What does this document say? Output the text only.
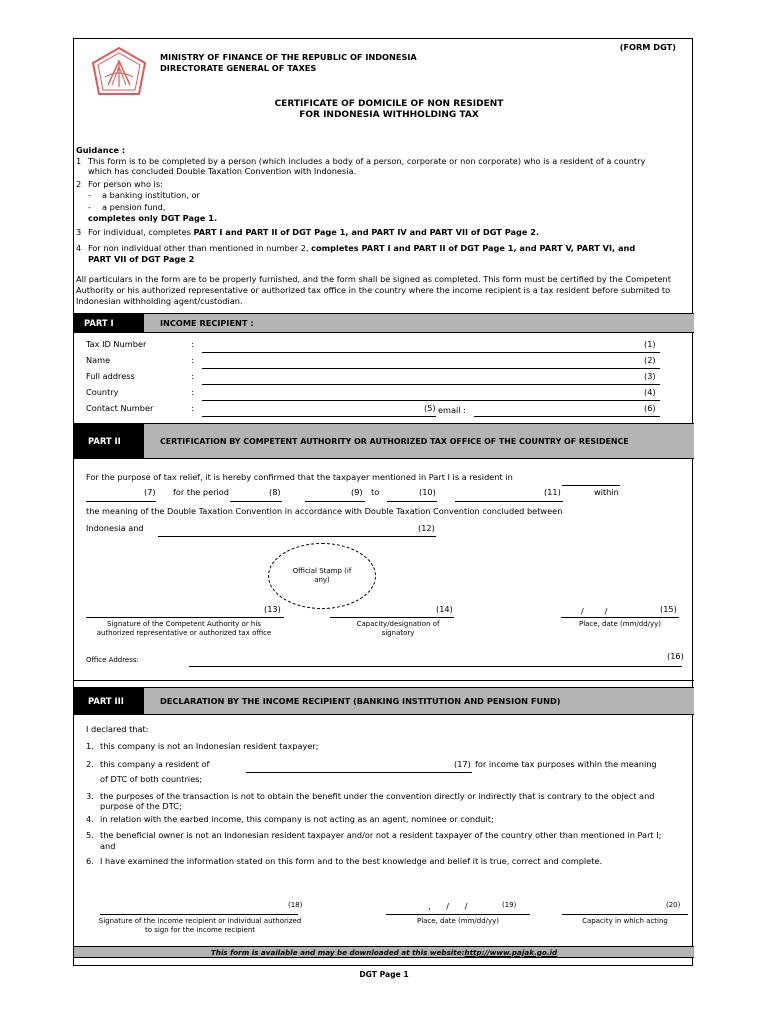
(FORM DGT)
MINISTRY OF FINANCE OF THE REPUBLIC OF INDONESIA
DIRECTORATE GENERAL OF TAXES
CERTIFICATE OF DOMICILE OF NON RESIDENT
FOR INDONESIA WITHHOLDING TAX
Guidance :
1 This form is to be completed by a person (which includes a body of a person, corporate or non corporate) who is a resident of a country
which has concluded Double Taxation Convention with Indonesia.
2 For person who is:
- a banking institution, or
- a pension fund,
completes only DGT Page 1.
3 For individual, completes PART I and PART II of DGT Page 1, and PART IV and PART VII of DGT Page 2.
4 For non individual other than mentioned in number 2, completes PART I and PART II of DGT Page 1, and PART V, PART VI, and
PART VII of DGT Page 2
All particulars in the form are to be properly furnished, and the form shall be signed as completed. This form must be certified by the Competent
Authority or his authorized representative or authorized tax office in the country where the income recipient is a tax resident before submited to
Indonesian withholding agent/custodian.
PART I	INCOME RECIPIENT :
Tax ID Number	:	(1)
Name	:	(2)
Full address	:	(3)
Country	:	(4)
Contact Number	:	(5) email :	(6)
PART II	CERTIFICATION BY COMPETENT AUTHORITY OR AUTHORIZED TAX OFFICE OF THE COUNTRY OF RESIDENCE
For the purpose of tax relief, it is hereby confirmed that the taxpayer mentioned in Part I is a resident in
(7) for the period	(8)	(9) to	(10)	(11)	within
the meaning of the Double Taxation Convention in accordance with Double Taxation Convention concluded between
Indonesia and	(12)
Official Stamp (if any)
(13)	(14)	/        /	(15)
Signature of the Competent Authority or his
authorized representative or authorized tax office
Capacity/designation of
signatory
Place, date (mm/dd/yy)
Office Address:	(16)
PART III	DECLARATION BY THE INCOME RECIPIENT (BANKING INSTITUTION AND PENSION FUND)
I declared that:
1. this company is not an Indonesian resident taxpayer;
2. this company a resident of	(17) for income tax purposes within the meaning
of DTC of both countries;
3. the purposes of the transaction is not to obtain the benefit under the convention directly or indirectly that is contrary to the object and
purpose of the DTC;
4. in relation with the earbed income, this company is not acting as an agent, nominee or conduit;
5. the beneficial owner is not an Indonesian resident taxpayer and/or not a resident taxpayer of the country other than mentioned in Part I;
and
6. I have examined the information stated on this form and to the best knowledge and belief it is true, correct and complete.
(18)	,      /      /	(19)	(20)
Signature of the income recipient or individual authorized
to sign for the income recipient
Place, date (mm/dd/yy)	Capacity in which acting
This form is available and may be downloaded at this website: http://www.pajak.go.id
DGT Page 1
